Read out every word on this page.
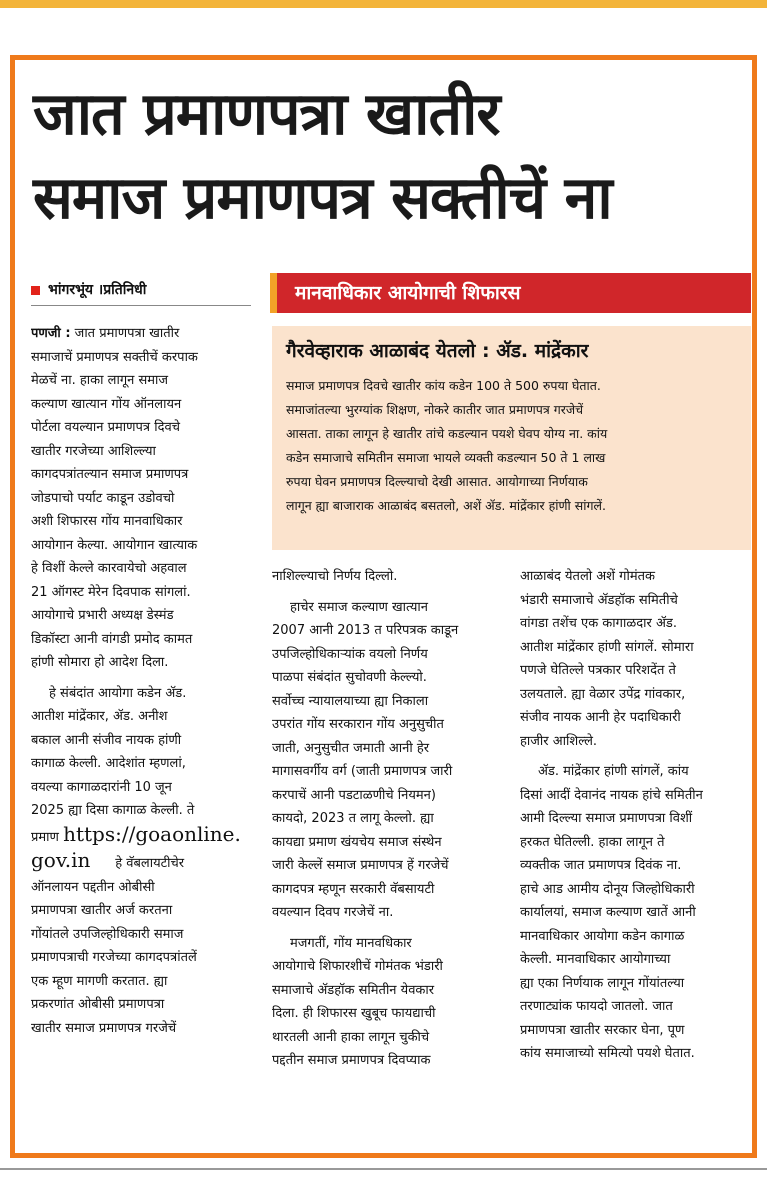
जात प्रमाणपत्रा खातीर
समाज प्रमाणपत्र सक्तीचें ना
भांगरभूंय ।प्रतिनिधी	मानवाधिकार आयोगाची शिफारस
गैरवेव्हाराक आळाबंद येतलो : ॲड. मांद्रेंकार

समाज प्रमाणपत्र दिवचे खातीर कांय कडेन 100 ते 500 रुपया घेतात.

समाजांतल्या भुरग्यांक शिक्षण, नोकरे कातीर जात प्रमाणपत्र गरजेचें

आसता. ताका लागून हे खातीर तांचे कडल्यान पयशे घेवप योग्य ना. कांय

कडेन समाजाचे समितीन समाजा भायले व्यक्ती कडल्यान 50 ते 1 लाख

रुपया घेवन प्रमाणपत्र दिल्ल्याचो देखी आसात. आयोगाच्या निर्णयाक

लागून ह्या बाजाराक आळाबंद बसतलो, अशें ॲड. मांद्रेंकार हांणी सांगलें.

पणजी : जात प्रमाणपत्रा खातीर

समाजाचें प्रमाणपत्र सक्तीचें करपाक

मेळचें ना. हाका लागून समाज

कल्याण खात्यान गोंय ऑनलायन

पोर्टला वयल्यान प्रमाणपत्र दिवचे

खातीर गरजेच्या आशिल्ल्या

कागदपत्रांतल्यान समाज प्रमाणपत्र

जोडपाचो पर्याट काडून उडोवचो

अशी शिफारस गोंय मानवाधिकार

आयोगान केल्या. आयोगान खात्याक

हे विशीं केल्ले कारवायेचो अहवाल

21 ऑगस्ट मेरेन दिवपाक सांगलां.

आयोगाचे प्रभारी अध्यक्ष डेस्मंड

डिकॉस्टा आनी वांगडी प्रमोद कामत

हांणी सोमारा हो आदेश दिला.

हे संबंदांत आयोगा कडेन ॲड.

आतीश मांद्रेंकार, ॲड. अनीश

बकाल आनी संजीव नायक हांणी

कागाळ केल्ली. आदेशांत म्हणलां,

वयल्या कागाळदारांनी 10 जून

2025 ह्या दिसा कागाळ केल्ली. ते

प्रमाण https://goaonline.

gov.in हे वॅबलायटीचेर

ऑनलायन पद्दतीन ओबीसी

प्रमाणपत्रा खातीर अर्ज करतना

गोंयांतले उपजिल्होधिकारी समाज

प्रमाणपत्राची गरजेच्या कागदपत्रांतलें

एक म्हूण मागणी करतात. ह्या

प्रकरणांत ओबीसी प्रमाणपत्रा

खातीर समाज प्रमाणपत्र गरजेचें

नाशिल्ल्याचो निर्णय दिल्लो.

हाचेर समाज कल्याण खात्यान

2007 आनी 2013 त परिपत्रक काडून

उपजिल्होधिकाऱ्यांक वयलो निर्णय

पाळपा संबंदांत सुचोवणी केल्ल्यो.

सर्वोच्च न्यायालयाच्या ह्या निकाला

उपरांत गोंय सरकारान गोंय अनुसुचीत

जाती, अनुसुचीत जमाती आनी हेर

मागासवर्गीय वर्ग (जाती प्रमाणपत्र जारी

करपाचें आनी पडटाळणीचे नियमन)

कायदो, 2023 त लागू केल्लो. ह्या

कायद्या प्रमाण खंयचेय समाज संस्थेन

जारी केल्लें समाज प्रमाणपत्र हें गरजेचें

कागदपत्र म्हणून सरकारी वॅबसायटी

वयल्यान दिवप गरजेचें ना.

मजगतीं, गोंय मानवधिकार

आयोगाचे शिफारशीचें गोमंतक भंडारी

समाजाचे ॲडहॉक समितीन येवकार

दिला. ही शिफारस खुबूच फायद्याची

थारतली आनी हाका लागून चुकीचे

पद्दतीन समाज प्रमाणपत्र दिवप्याक

आळाबंद येतलो अशें गोमंतक

भंडारी समाजाचे ॲडहॉक समितीचे

वांगडा तशेंच एक कागाळदार ॲड.

आतीश मांद्रेंकार हांणी सांगलें. सोमारा

पणजे घेतिल्ले पत्रकार परिशदेंत ते

उलयताले. ह्या वेळार उपेंद्र गांवकार,

संजीव नायक आनी हेर पदाधिकारी

हाजीर आशिल्ले.

ॲड. मांद्रेंकार हांणी सांगलें, कांय

दिसां आदीं देवानंद नायक हांचे समितीन

आमी दिल्ल्या समाज प्रमाणपत्रा विशीं

हरकत घेतिल्ली. हाका लागून ते

व्यक्तीक जात प्रमाणपत्र दिवंक ना.

हाचे आड आमीय दोनूय जिल्होधिकारी

कार्यालयां, समाज कल्याण खातें आनी

मानवाधिकार आयोगा कडेन कागाळ

केल्ली. मानवाधिकार आयोगाच्या

ह्या एका निर्णयाक लागून गोंयांतल्या

तरणाट्यांक फायदो जातलो. जात

प्रमाणपत्रा खातीर सरकार घेना, पूण

कांय समाजाच्यो समित्यो पयशे घेतात.
